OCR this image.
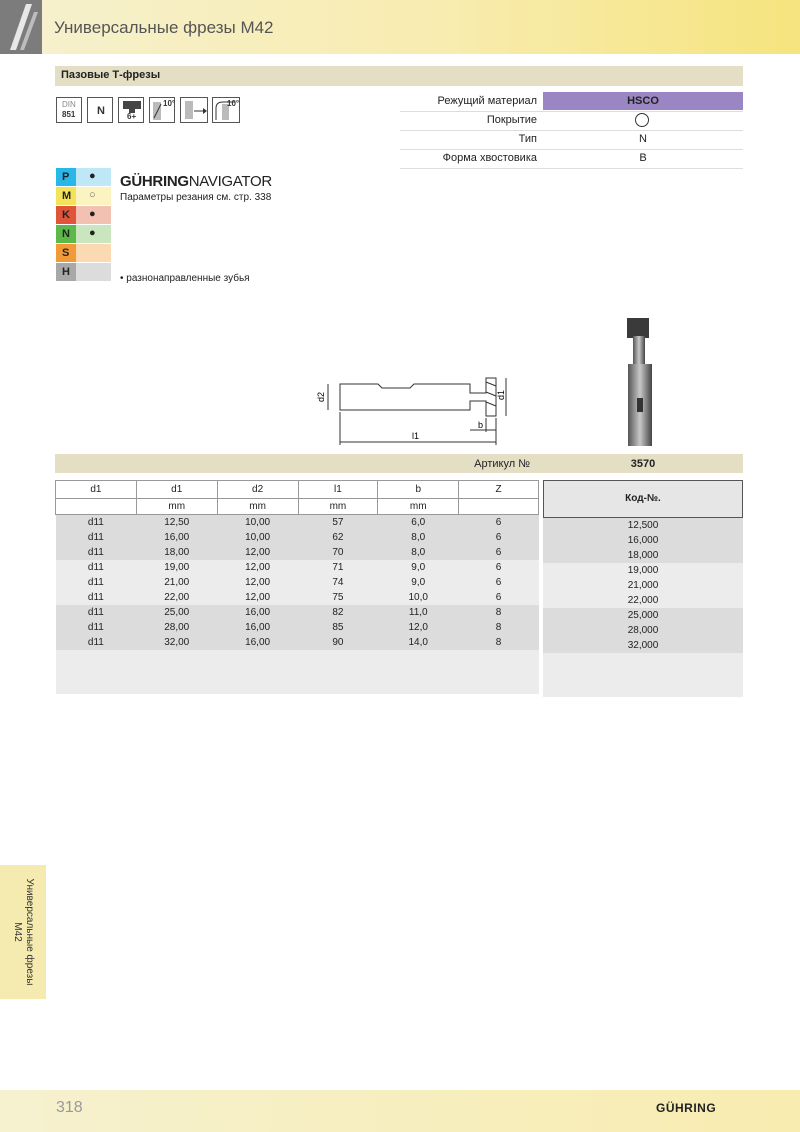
Универсальные фрезы M42
Пазовые Т-фрезы
DIN
851 N	6+
10°	10°	Режущий материал	HSCO
Покрытие
Тип	N
Форма хвостовика	B
P ●
M ○
K ●
N ●
S
H
GÜHRINGNAVIGATOR
Параметры резания см. стр. 338
• разнонаправленные зубья
d2	d1
l1
b
Артикул №	3570
d1	d1	d2	l1	b	Z
	mm	mm	mm	mm	
d11	12,50	10,00	57	6,0	6
d11	16,00	10,00	62	8,0	6
d11	18,00	12,00	70	8,0	6
d11	19,00	12,00	71	9,0	6
d11	21,00	12,00	74	9,0	6
d11	22,00	12,00	75	10,0	6
d11	25,00	16,00	82	11,0	8
d11	28,00	16,00	85	12,0	8
d11	32,00	16,00	90	14,0	8

Код-№.
12,500
16,000
18,000
19,000
21,000
22,000
25,000
28,000
32,000

Универсальные фрезы
M42
318	GÜHRING
